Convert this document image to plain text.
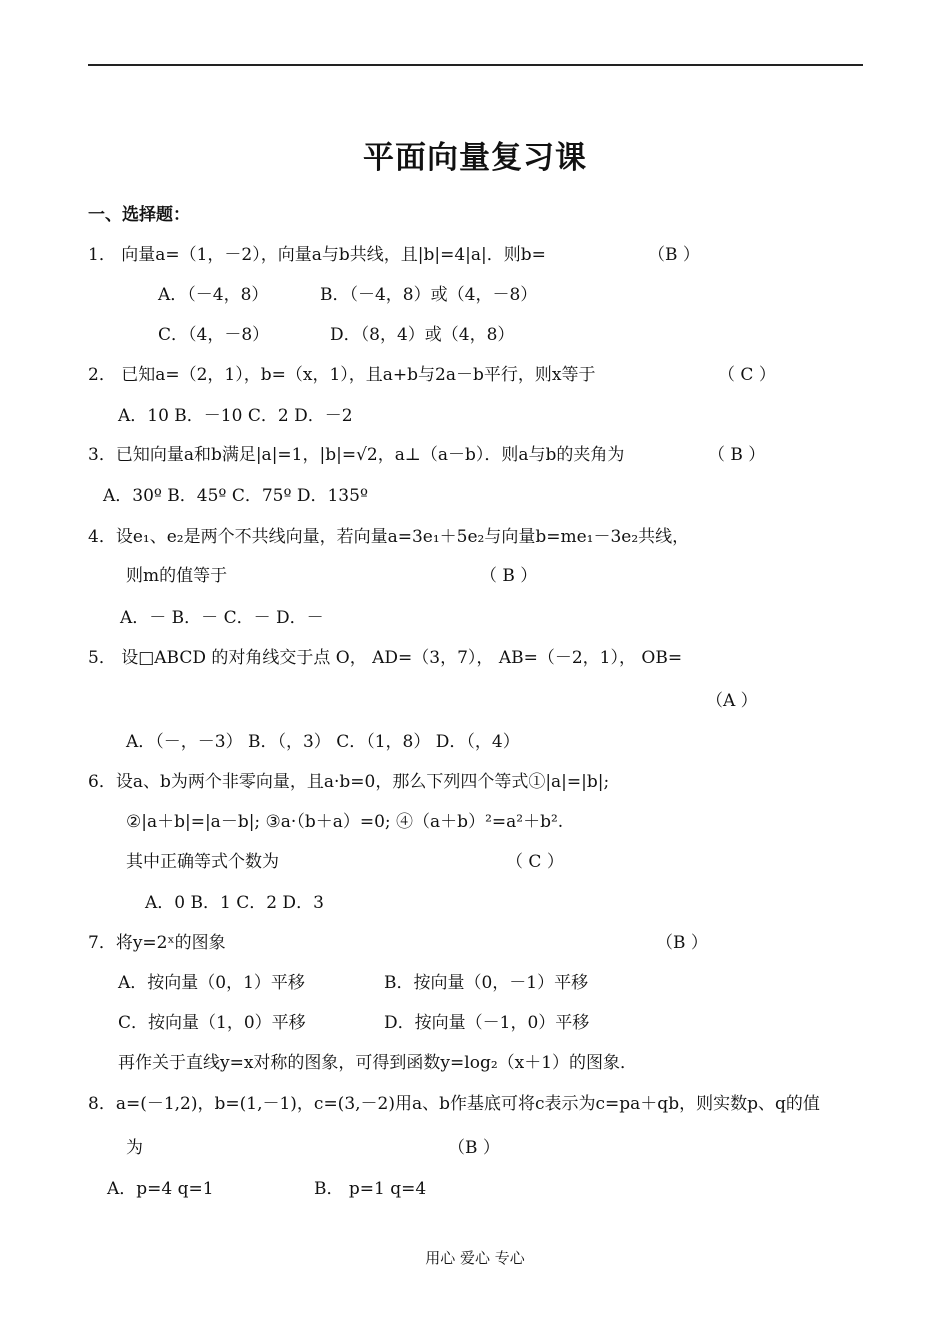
平面向量复习课
一、选择题：
1． 向量a=（1，－2），向量a与b共线，且|b|=4|a|．则b=	（B ）
A．（－4，8）	B．（－4，8）或（4，－8）
C．（4，－8）	D．（8，4）或（4，8）
2． 已知a=（2，1），b=（x，1），且a+b与2a－b平行，则x等于	（ C ）
A．10 B．－10 C．2 D．－2
3．已知向量a和b满足|a|=1，|b|=√2，a⊥（a－b）．则a与b的夹角为	（ B ）
A．30º B．45º C．75º D．135º
4．设e₁、e₂是两个不共线向量，若向量a=3e₁＋5e₂与向量b=me₁－3e₂共线，
则m的值等于	（ B ）
A．－ B．－ C．－ D．－
5． 设□ABCD 的对角线交于点 O， AD=（3，7）， AB=（－2，1）， OB=
（A ）
A．（－，－3） B．（，3） C．（1，8） D．（，4）
6．设a、b为两个非零向量，且a·b=0，那么下列四个等式①|a|=|b|;
②|a＋b|=|a－b|; ③a·（b＋a）=0; ④（a＋b）²=a²＋b².
其中正确等式个数为	（ C ）
A．0 B．1 C．2 D．3
7．将y=2ˣ的图象	（B ）
A．按向量（0，1）平移	B．按向量（0，－1）平移
C．按向量（1，0）平移	D．按向量（－1，0）平移
再作关于直线y=x对称的图象，可得到函数y=log₂（x＋1）的图象．
8．a=(－1,2)，b=(1,－1)，c=(3,－2)用a、b作基底可将c表示为c=pa＋qb，则实数p、q的值
为	（B ）
A．p=4 q=1	B． p=1 q=4
用心 爱心 专心
